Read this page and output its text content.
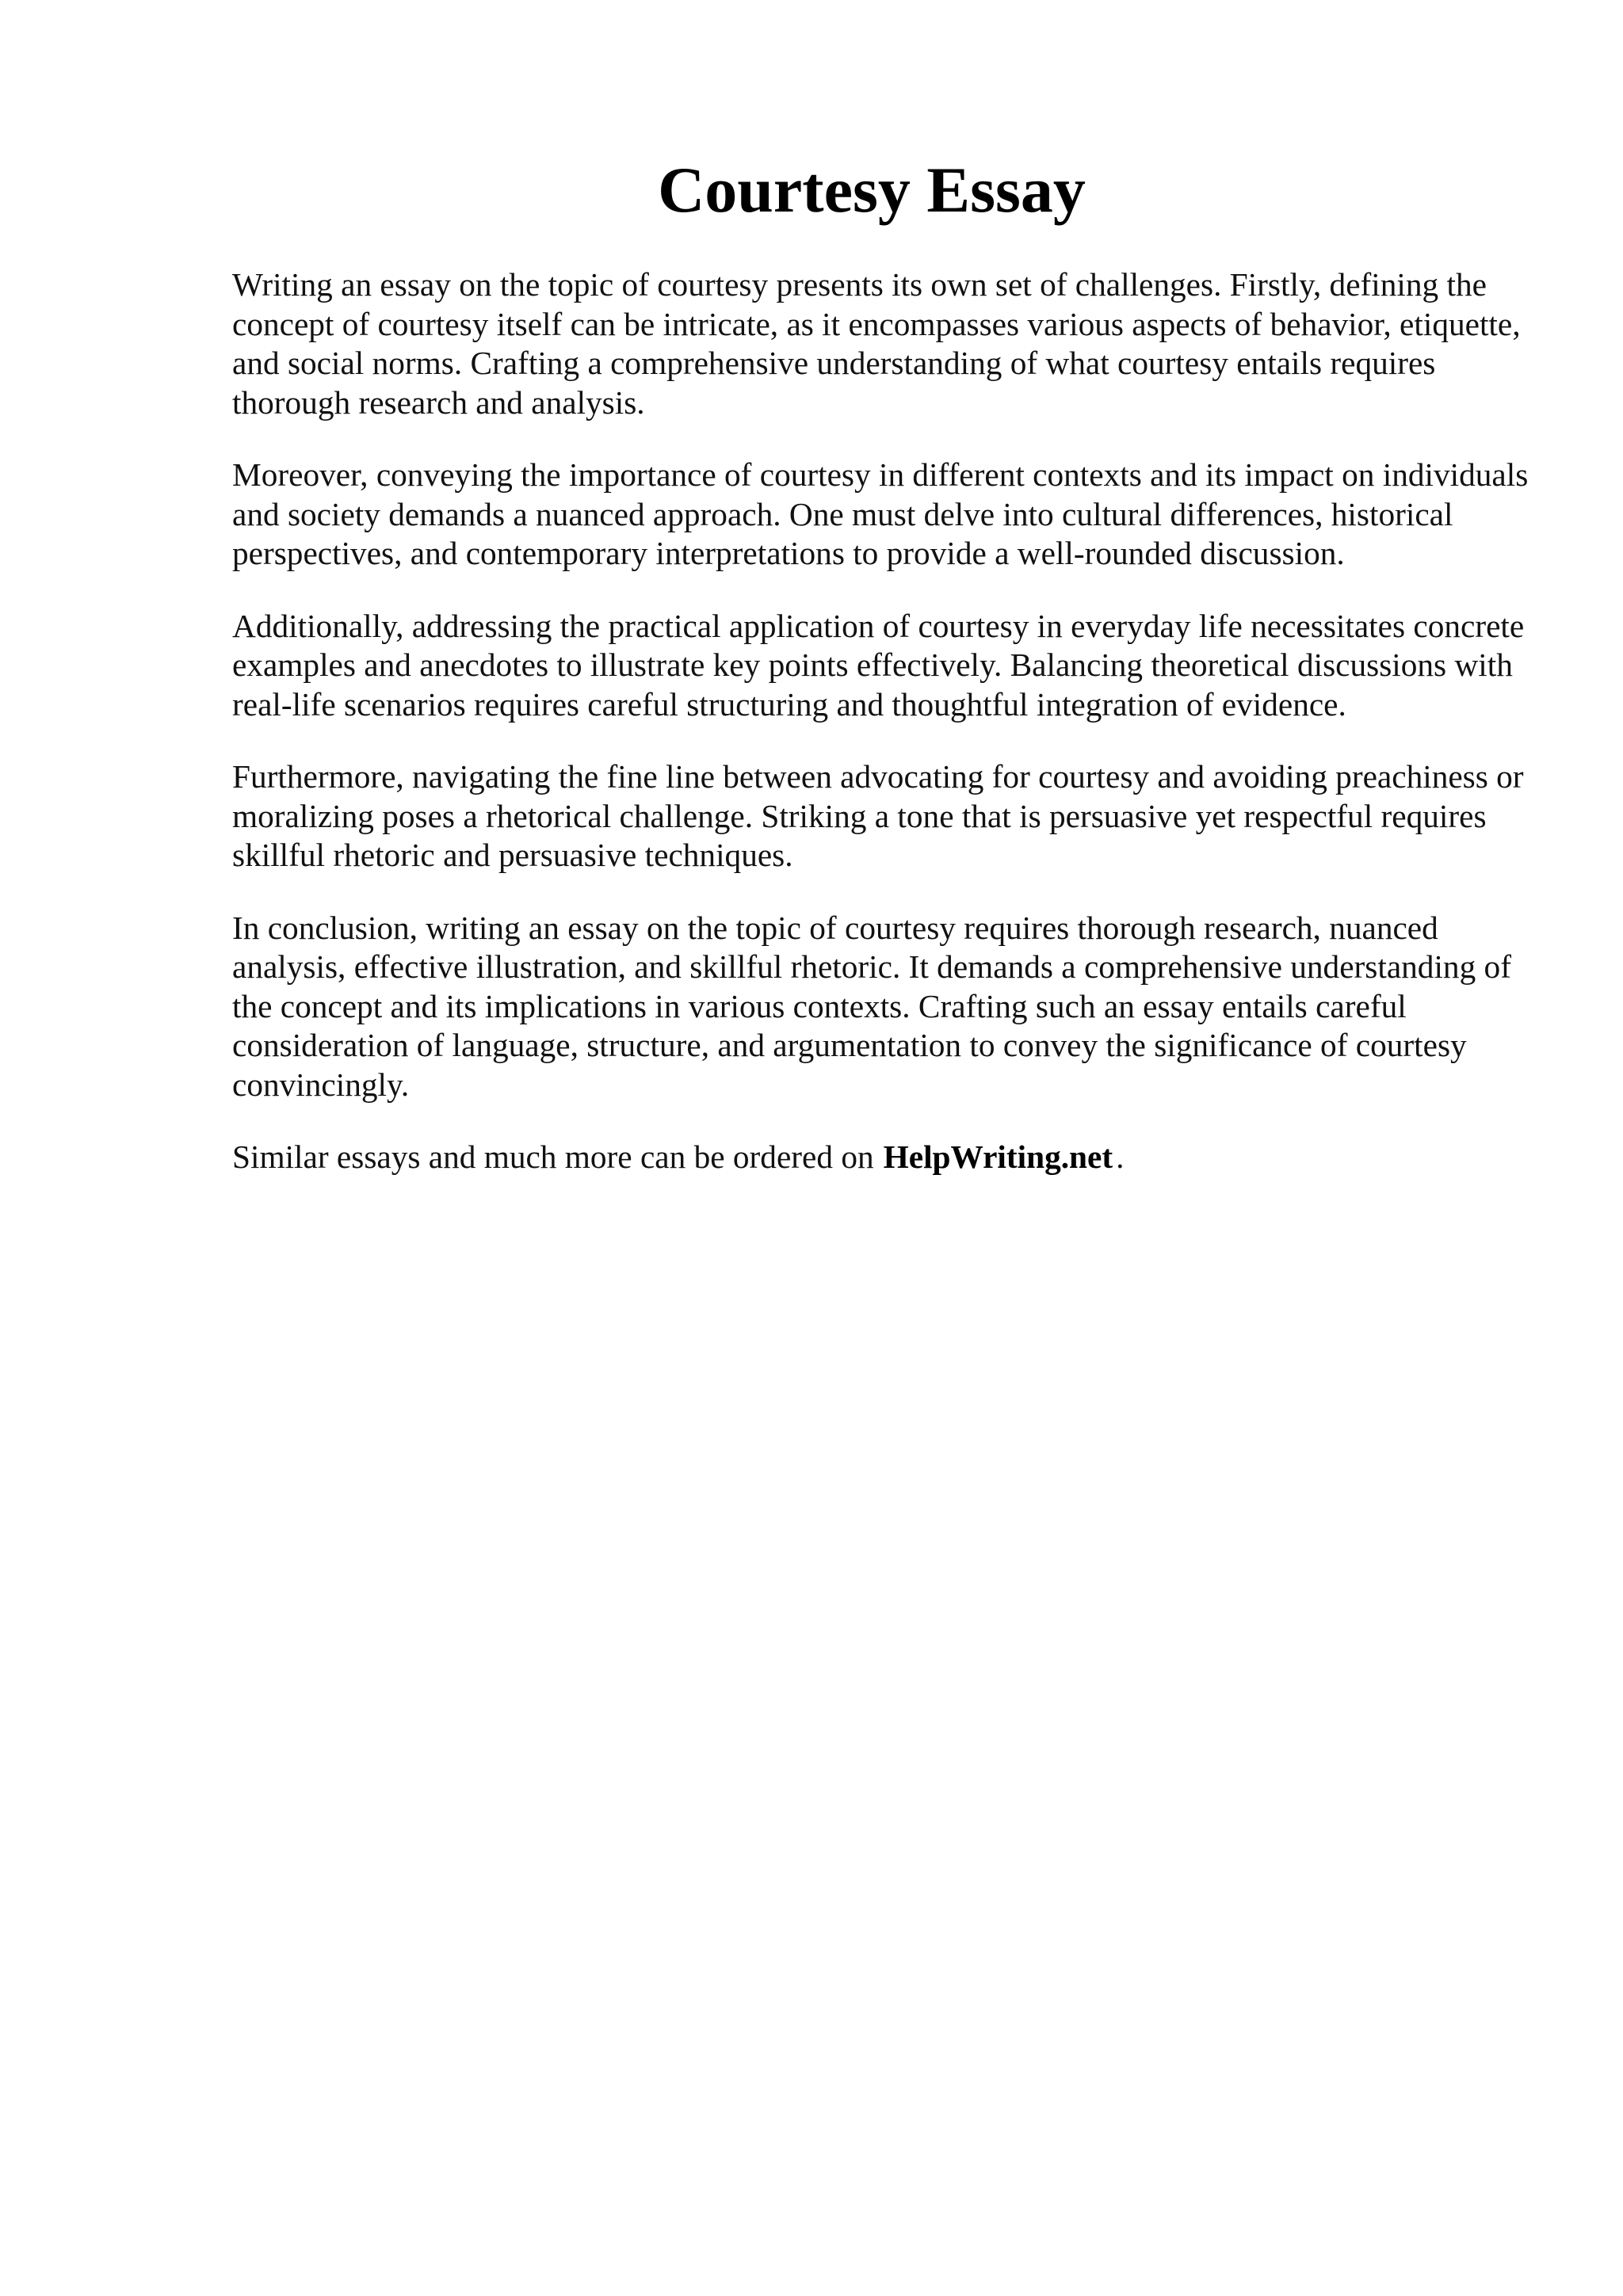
Courtesy Essay

Writing an essay on the topic of courtesy presents its own set of challenges. Firstly, defining the concept of courtesy itself can be intricate, as it encompasses various aspects of behavior, etiquette, and social norms. Crafting a comprehensive understanding of what courtesy entails requires thorough research and analysis.

Moreover, conveying the importance of courtesy in different contexts and its impact on individuals and society demands a nuanced approach. One must delve into cultural differences, historical perspectives, and contemporary interpretations to provide a well-rounded discussion.

Additionally, addressing the practical application of courtesy in everyday life necessitates concrete examples and anecdotes to illustrate key points effectively. Balancing theoretical discussions with real-life scenarios requires careful structuring and thoughtful integration of evidence.

Furthermore, navigating the fine line between advocating for courtesy and avoiding preachiness or moralizing poses a rhetorical challenge. Striking a tone that is persuasive yet respectful requires skillful rhetoric and persuasive techniques.

In conclusion, writing an essay on the topic of courtesy requires thorough research, nuanced analysis, effective illustration, and skillful rhetoric. It demands a comprehensive understanding of the concept and its implications in various contexts. Crafting such an essay entails careful consideration of language, structure, and argumentation to convey the significance of courtesy convincingly.

Similar essays and much more can be ordered on HelpWriting.net.
